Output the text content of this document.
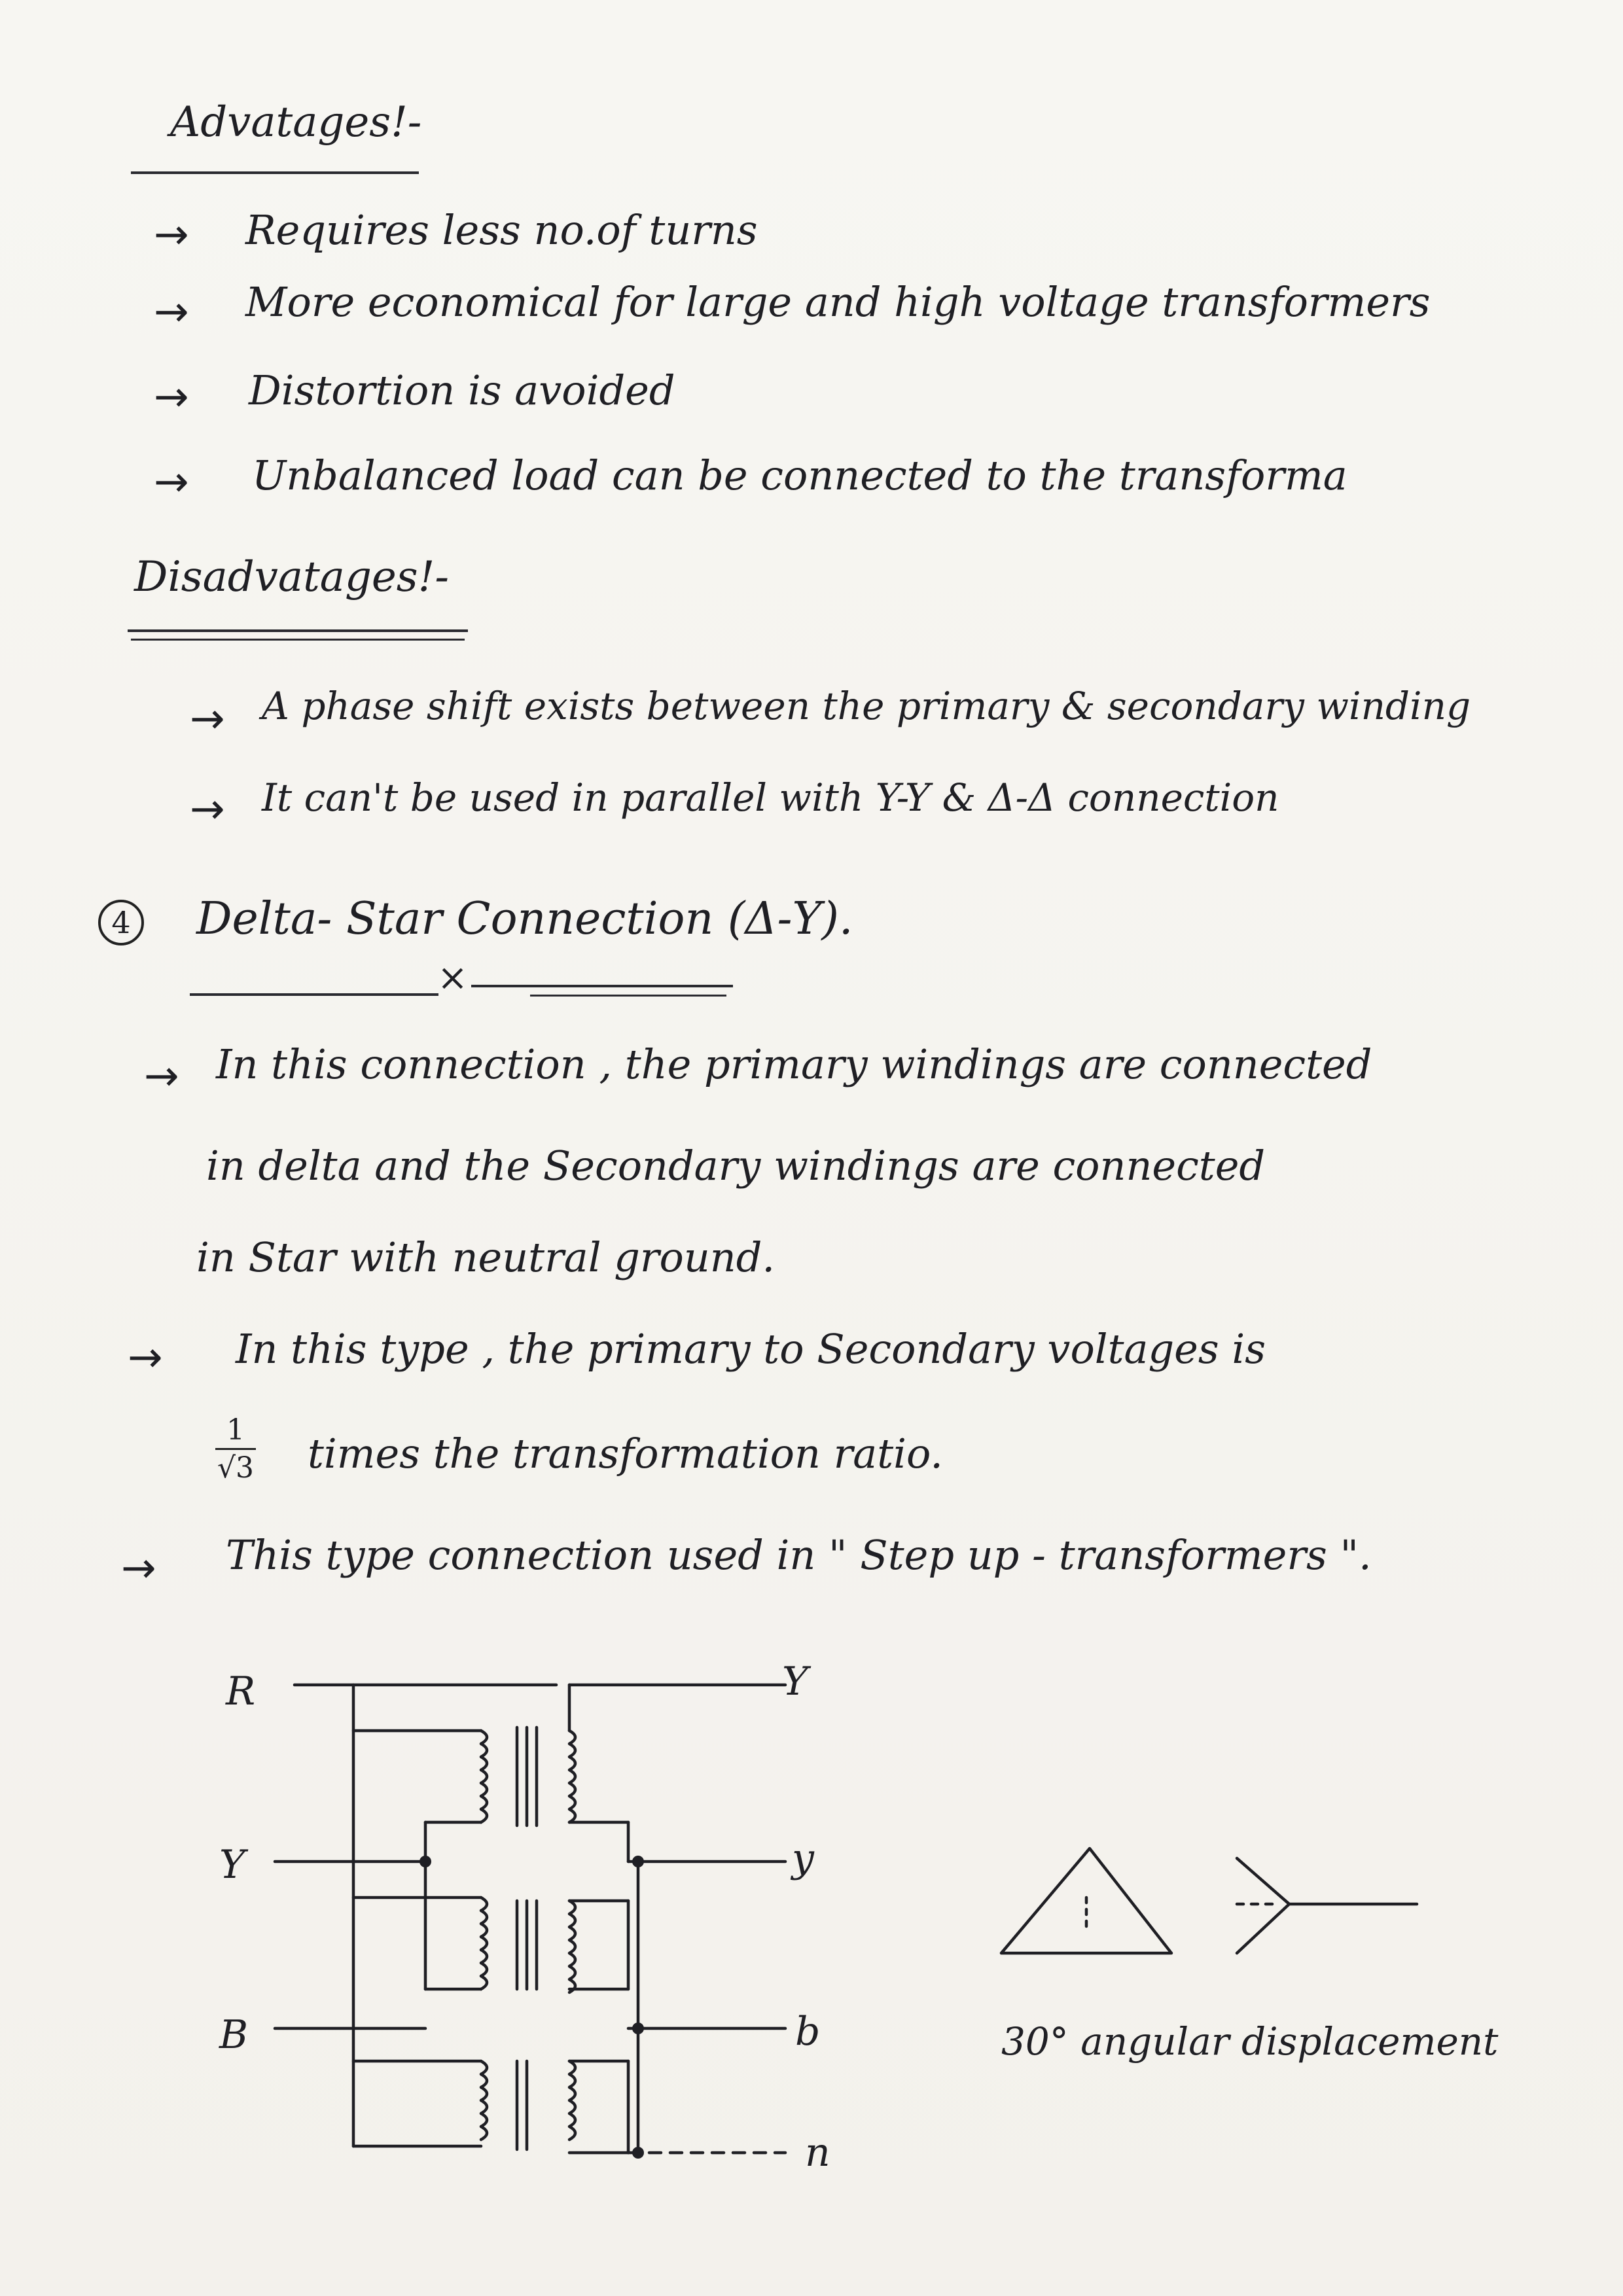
Advatages!-
→ Requires less no.of turns
→ More economical for large and high voltage transformers
→ Distortion is avoided
→ Unbalanced load can be connected to the transforma
Disadvatages!-
→ A phase shift exists between the primary & secondary winding
→ It can't be used in parallel with Y-Y & Δ-Δ connection
4 Delta- Star Connection (Δ-Y).
×
→ In this connection , the primary windings are connected
in delta and the Secondary windings are connected
in Star with neutral ground.
→ In this type , the primary to Secondary voltages is
1
√3 times the transformation ratio.
→ This type connection used in " Step up - transformers ".
R
Y
B
Y
y
b
n
30° angular displacement
